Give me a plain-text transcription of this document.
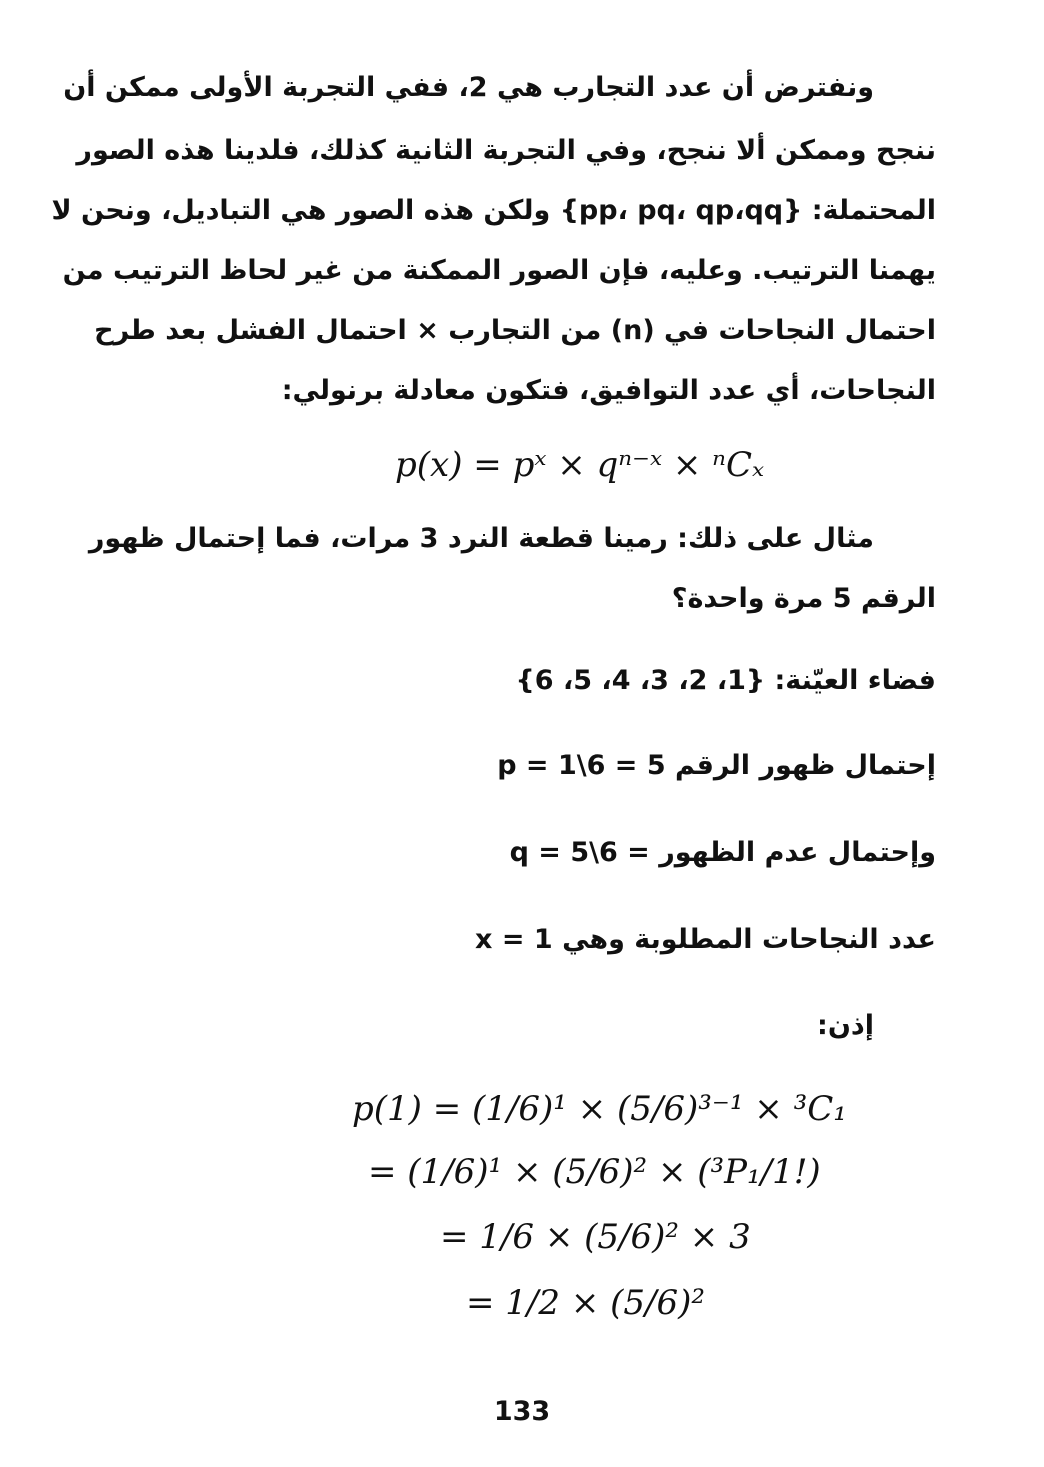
ونفترض أن عدد التجارب هي 2، ففي التجربة الأولى ممكن أن
ننجح وممكن ألا ننجح، وفي التجربة الثانية كذلك، فلدينا هذه الصور
المحتملة: {pp، pq، qp،qq} ولكن هذه الصور هي التباديل، ونحن لا
يهمنا الترتيب. وعليه، فإن الصور الممكنة من غير لحاظ الترتيب من
احتمال النجاحات في (n) من التجارب × احتمال الفشل بعد طرح
النجاحات، أي عدد التوافيق، فتكون معادلة برنولي:
p(x) = pˣ × qⁿ⁻ˣ × ⁿCₓ
مثال على ذلك: رمينا قطعة النرد 3 مرات، فما إحتمال ظهور
الرقم 5 مرة واحدة؟
فضاء العيّنة: {1، 2، 3، 4، 5، 6}
إحتمال ظهور الرقم 5 = p = 1\6
وإحتمال عدم الظهور = q = 5\6
x = عدد النجاحات المطلوبة وهي 1
إذن:
p(1) = (1/6)¹ × (5/6)³⁻¹ × ³C₁
= (1/6)¹ × (5/6)² × (³P₁/1!)
= 1/6 × (5/6)² × 3
= 1/2 × (5/6)²
133
